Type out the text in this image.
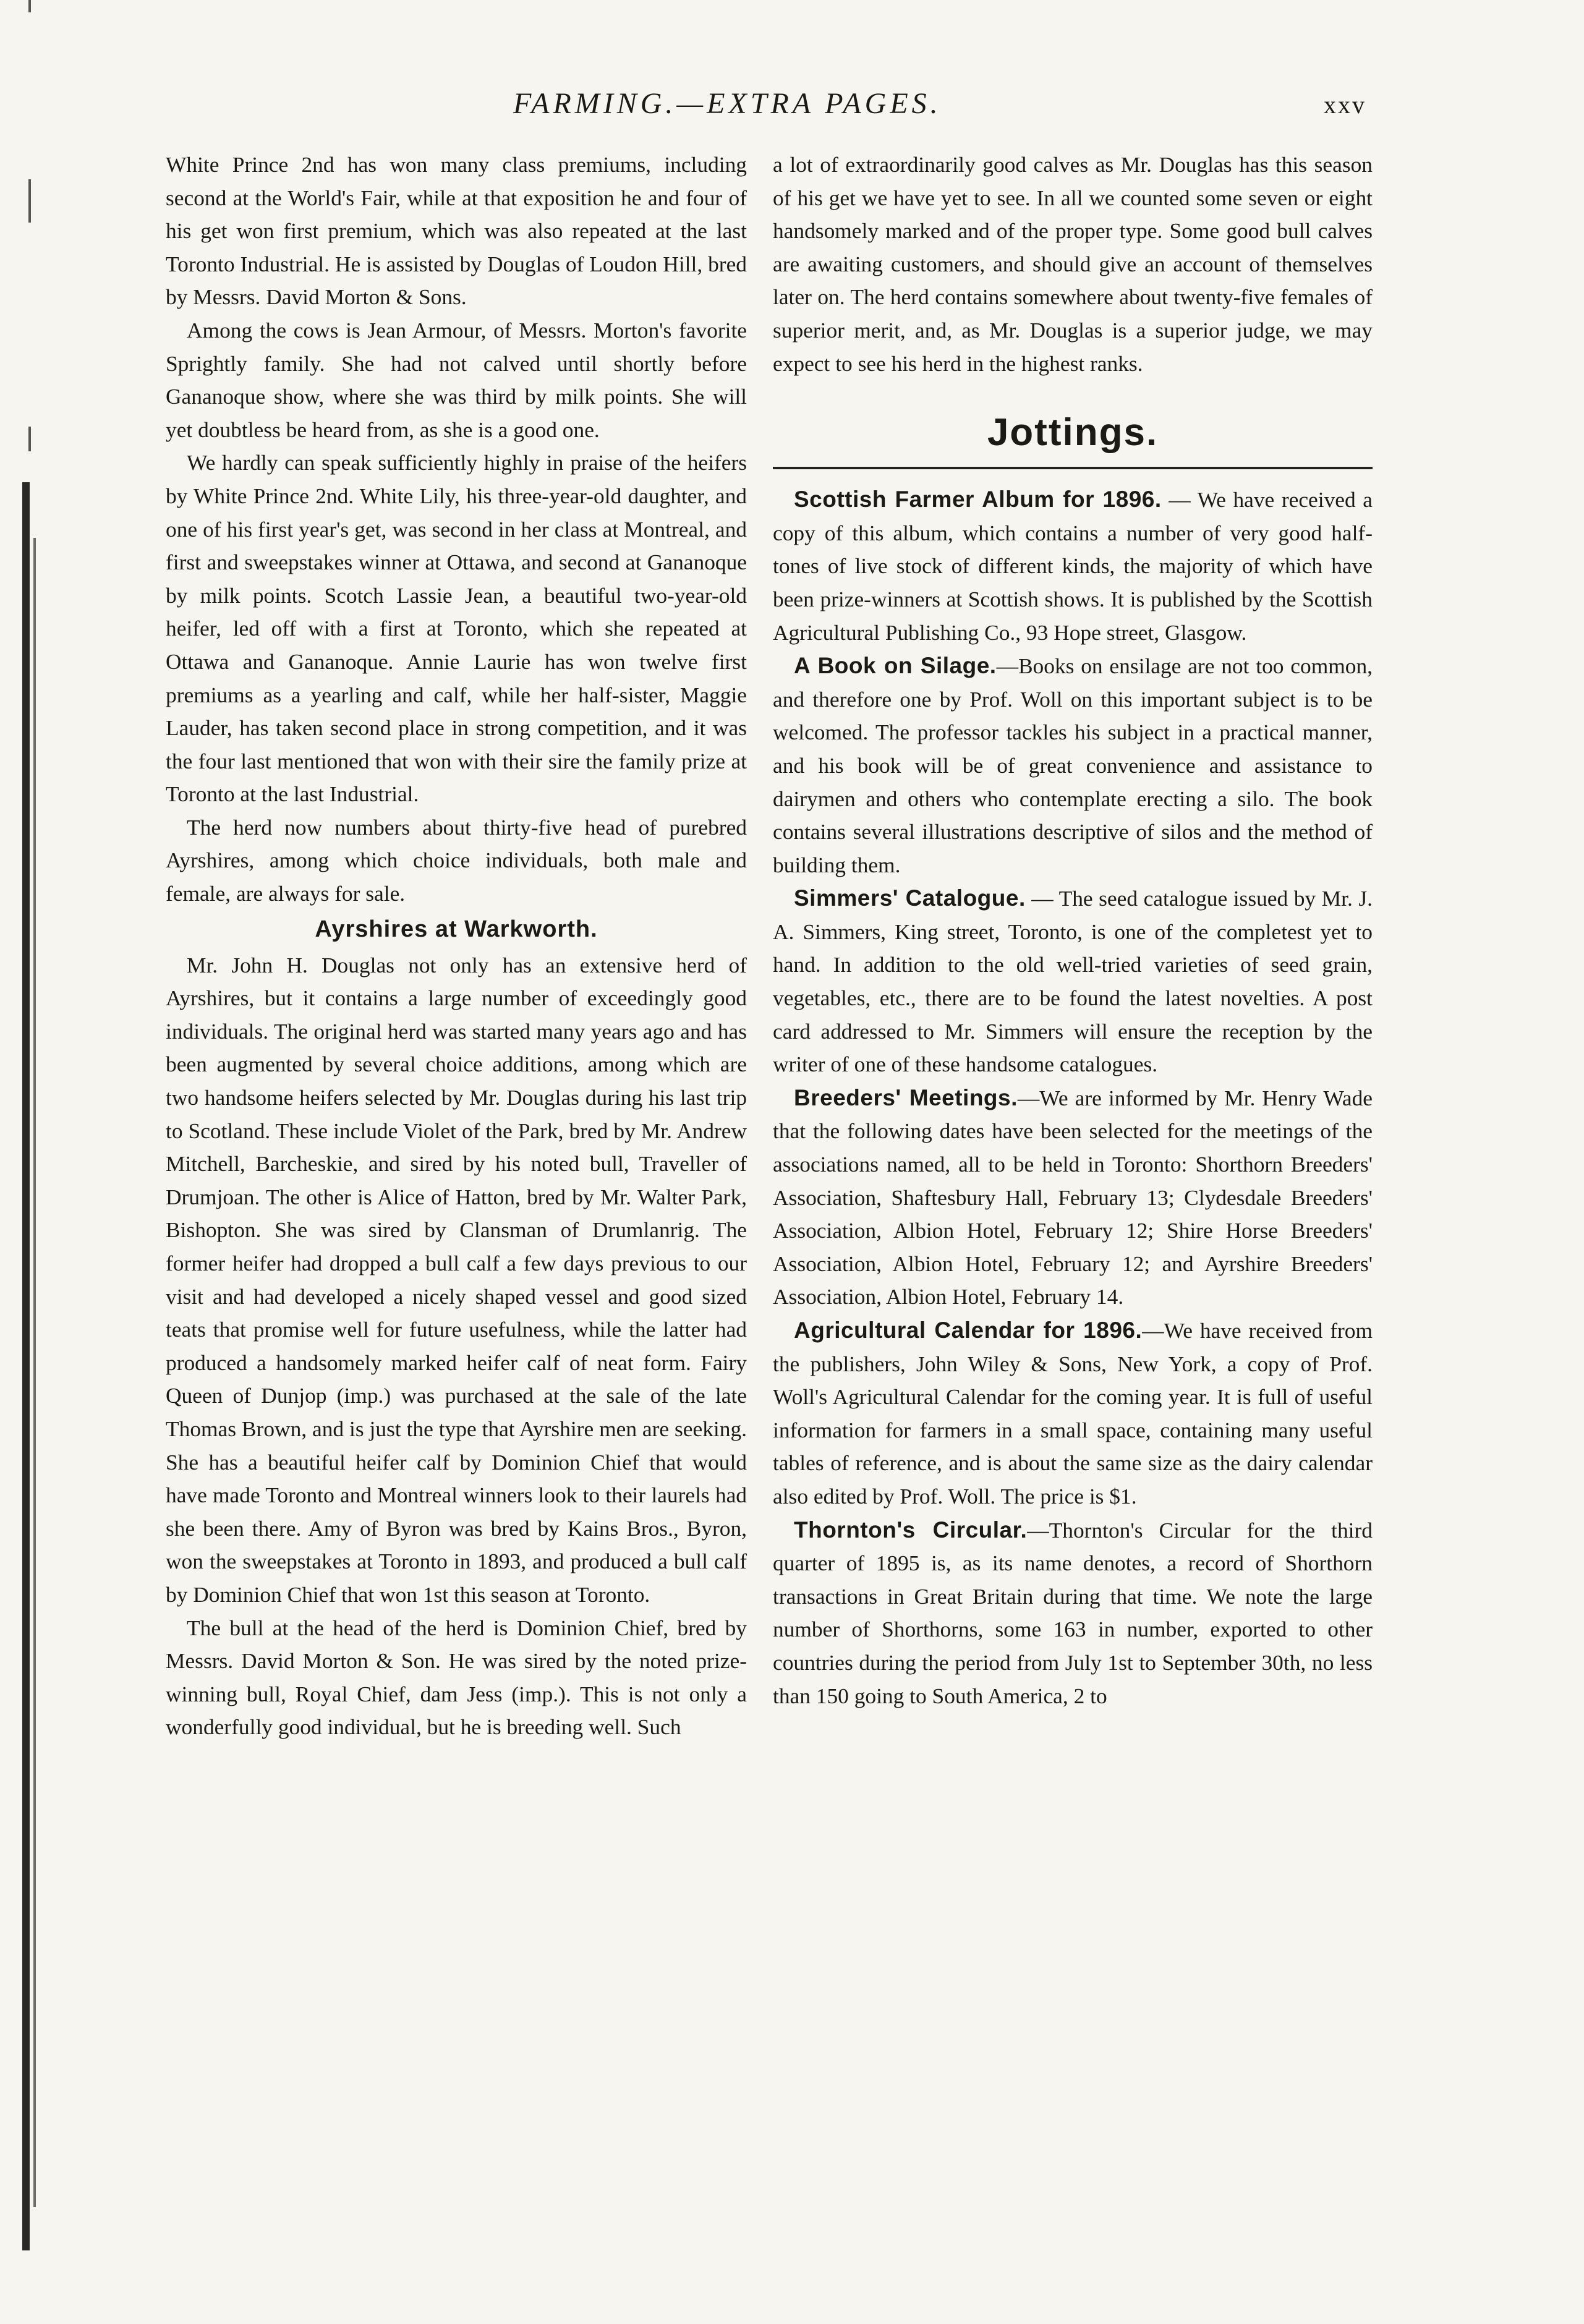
FARMING.—EXTRA PAGES.	xxv

White Prince 2nd has won many class premiums, including second at the World's Fair, while at that exposition he and four of his get won first premium, which was also repeated at the last Toronto Industrial. He is assisted by Douglas of Loudon Hill, bred by Messrs. David Morton & Sons.

Among the cows is Jean Armour, of Messrs. Morton's favorite Sprightly family. She had not calved until shortly before Gananoque show, where she was third by milk points. She will yet doubtless be heard from, as she is a good one.

We hardly can speak sufficiently highly in praise of the heifers by White Prince 2nd. White Lily, his three-year-old daughter, and one of his first year's get, was second in her class at Montreal, and first and sweepstakes winner at Ottawa, and second at Gananoque by milk points. Scotch Lassie Jean, a beautiful two-year-old heifer, led off with a first at Toronto, which she repeated at Ottawa and Gananoque. Annie Laurie has won twelve first premiums as a yearling and calf, while her half-sister, Maggie Lauder, has taken second place in strong competition, and it was the four last mentioned that won with their sire the family prize at Toronto at the last Industrial.

The herd now numbers about thirty-five head of purebred Ayrshires, among which choice individuals, both male and female, are always for sale.

Ayrshires at Warkworth.

Mr. John H. Douglas not only has an extensive herd of Ayrshires, but it contains a large number of exceedingly good individuals. The original herd was started many years ago and has been augmented by several choice additions, among which are two handsome heifers selected by Mr. Douglas during his last trip to Scotland. These include Violet of the Park, bred by Mr. Andrew Mitchell, Barcheskie, and sired by his noted bull, Traveller of Drumjoan. The other is Alice of Hatton, bred by Mr. Walter Park, Bishopton. She was sired by Clansman of Drumlanrig. The former heifer had dropped a bull calf a few days previous to our visit and had developed a nicely shaped vessel and good sized teats that promise well for future usefulness, while the latter had produced a handsomely marked heifer calf of neat form. Fairy Queen of Dunjop (imp.) was purchased at the sale of the late Thomas Brown, and is just the type that Ayrshire men are seeking. She has a beautiful heifer calf by Dominion Chief that would have made Toronto and Montreal winners look to their laurels had she been there. Amy of Byron was bred by Kains Bros., Byron, won the sweepstakes at Toronto in 1893, and produced a bull calf by Dominion Chief that won 1st this season at Toronto.

The bull at the head of the herd is Dominion Chief, bred by Messrs. David Morton & Son. He was sired by the noted prize-winning bull, Royal Chief, dam Jess (imp.). This is not only a wonderfully good individual, but he is breeding well. Such

a lot of extraordinarily good calves as Mr. Douglas has this season of his get we have yet to see. In all we counted some seven or eight handsomely marked and of the proper type. Some good bull calves are awaiting customers, and should give an account of themselves later on. The herd contains somewhere about twenty-five females of superior merit, and, as Mr. Douglas is a superior judge, we may expect to see his herd in the highest ranks.

Jottings.

Scottish Farmer Album for 1896. — We have received a copy of this album, which contains a number of very good half-tones of live stock of different kinds, the majority of which have been prize-winners at Scottish shows. It is published by the Scottish Agricultural Publishing Co., 93 Hope street, Glasgow.

A Book on Silage.—Books on ensilage are not too common, and therefore one by Prof. Woll on this important subject is to be welcomed. The professor tackles his subject in a practical manner, and his book will be of great convenience and assistance to dairymen and others who contemplate erecting a silo. The book contains several illustrations descriptive of silos and the method of building them.

Simmers' Catalogue. — The seed catalogue issued by Mr. J. A. Simmers, King street, Toronto, is one of the completest yet to hand. In addition to the old well-tried varieties of seed grain, vegetables, etc., there are to be found the latest novelties. A post card addressed to Mr. Simmers will ensure the reception by the writer of one of these handsome catalogues.

Breeders' Meetings.—We are informed by Mr. Henry Wade that the following dates have been selected for the meetings of the associations named, all to be held in Toronto: Shorthorn Breeders' Association, Shaftesbury Hall, February 13; Clydesdale Breeders' Association, Albion Hotel, February 12; Shire Horse Breeders' Association, Albion Hotel, February 12; and Ayrshire Breeders' Association, Albion Hotel, February 14.

Agricultural Calendar for 1896.—We have received from the publishers, John Wiley & Sons, New York, a copy of Prof. Woll's Agricultural Calendar for the coming year. It is full of useful information for farmers in a small space, containing many useful tables of reference, and is about the same size as the dairy calendar also edited by Prof. Woll. The price is $1.

Thornton's Circular.—Thornton's Circular for the third quarter of 1895 is, as its name denotes, a record of Shorthorn transactions in Great Britain during that time. We note the large number of Shorthorns, some 163 in number, exported to other countries during the period from July 1st to September 30th, no less than 150 going to South America, 2 to
